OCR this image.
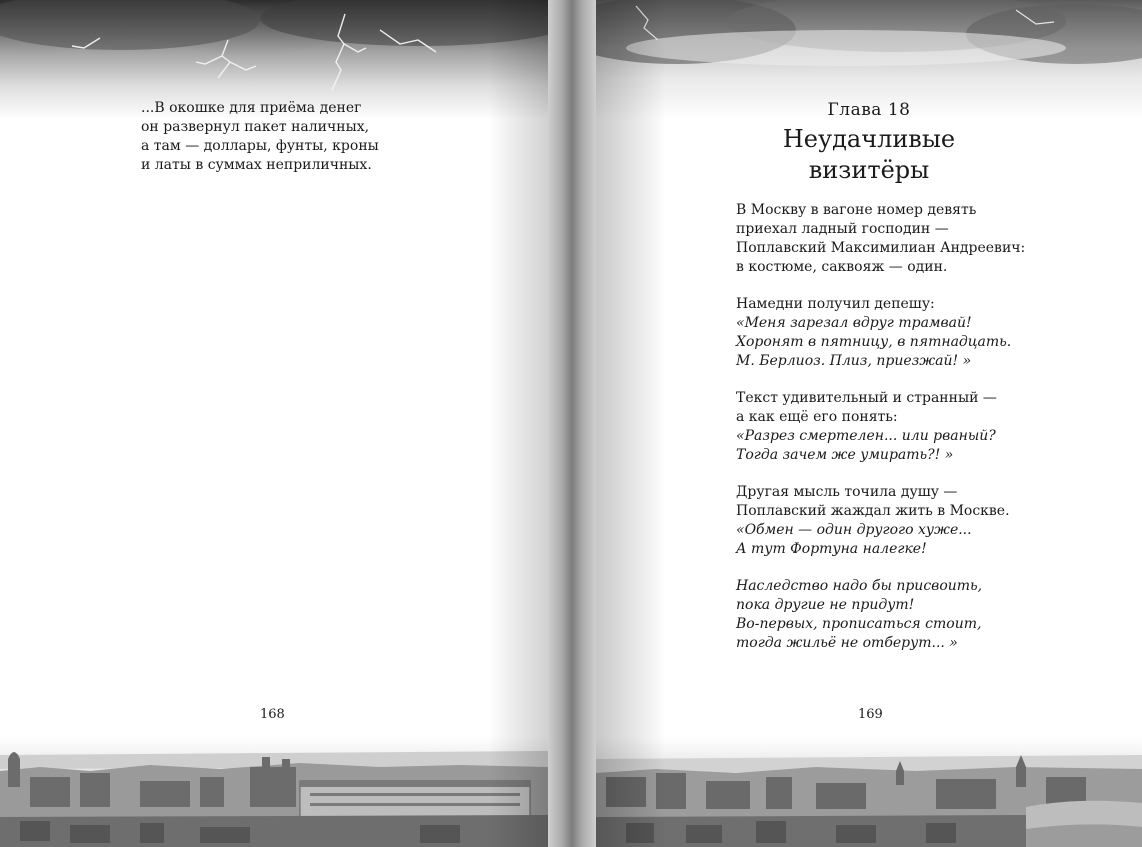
...В окошке для приёма денег
он развернул пакет наличных,
а там — доллары, фунты, кроны
и латы в суммах неприличных.
168
Глава 18
Неудачливые
визитёры
В Москву в вагоне номер девять
приехал ладный господин —
Поплавский Максимилиан Андреевич:
в костюме, саквояж — один.
Намедни получил депешу:
«Меня зарезал вдруг трамвай!
Хоронят в пятницу, в пятнадцать.
М. Берлиоз. Плиз, приезжай! »
Текст удивительный и странный —
а как ещё его понять:
«Разрез смертелен... или рваный?
Тогда зачем же умирать?! »
Другая мысль точила душу —
Поплавский жаждал жить в Москве.
«Обмен — один другого хуже...
А тут Фортуна налегке!
Наследство надо бы присвоить,
пока другие не придут!
Во-первых, прописаться стоит,
тогда жильё не отберут... »
169
